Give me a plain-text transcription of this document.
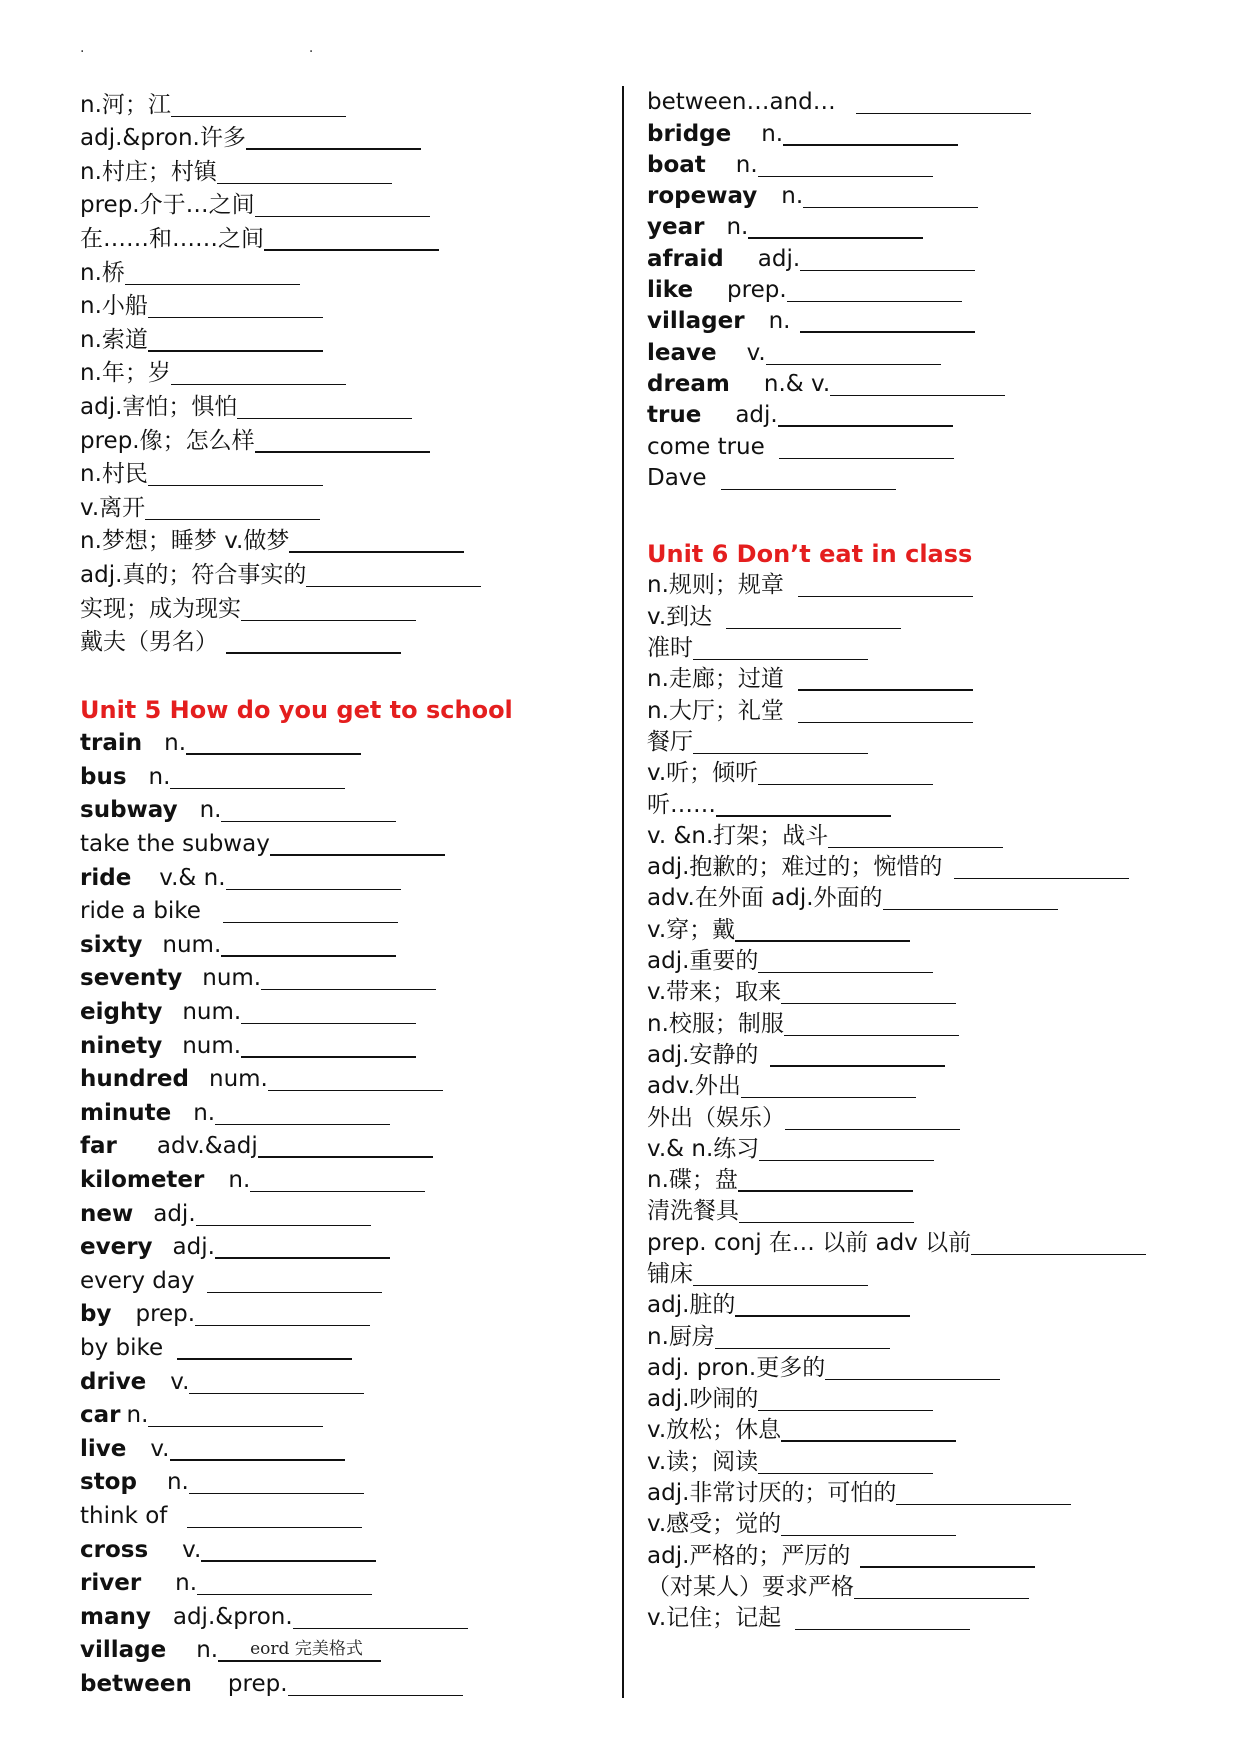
. .
n.河；江
adj.&pron.许多
n.村庄；村镇
prep.介于…之间
在……和……之间
n.桥
n.小船
n.索道
n.年；岁
adj.害怕；惧怕
prep.像；怎么样
n.村民
v.离开
n.梦想；睡梦 v.做梦
adj.真的；符合事实的
实现；成为现实
戴夫（男名）
Unit 5 How do you get to school
train n.
bus n.
subway n.
take the subway
ride v.& n.
ride a bike
sixty num.
seventy num.
eighty num.
ninety num.
hundred num.
minute n.
far adv.&adj
kilometer n.
new adj.
every adj.
every day
by prep.
by bike
drive v.
car n.
live v.
stop n.
think of
cross v.
river n.
many adj.&pron.
village n.	eord 完美格式
between prep.
between…and…
bridge n.
boat n.
ropeway n.
year n.
afraid adj.
like prep.
villager n.
leave v.
dream n.& v.
true adj.
come true
Dave
Unit 6 Don’t eat in class
n.规则；规章
v.到达
准时
n.走廊；过道
n.大厅；礼堂
餐厅
v.听；倾听
听……
v. &n.打架；战斗
adj.抱歉的；难过的；惋惜的
adv.在外面 adj.外面的
v.穿；戴
adj.重要的
v.带来；取来
n.校服；制服
adj.安静的
adv.外出
外出（娱乐）
v.& n.练习
n.碟；盘
清洗餐具
prep. conj 在… 以前 adv 以前
铺床
adj.脏的
n.厨房
adj. pron.更多的
adj.吵闹的
v.放松；休息
v.读；阅读
adj.非常讨厌的；可怕的
v.感受；觉的
adj.严格的；严厉的
（对某人）要求严格
v.记住；记起
